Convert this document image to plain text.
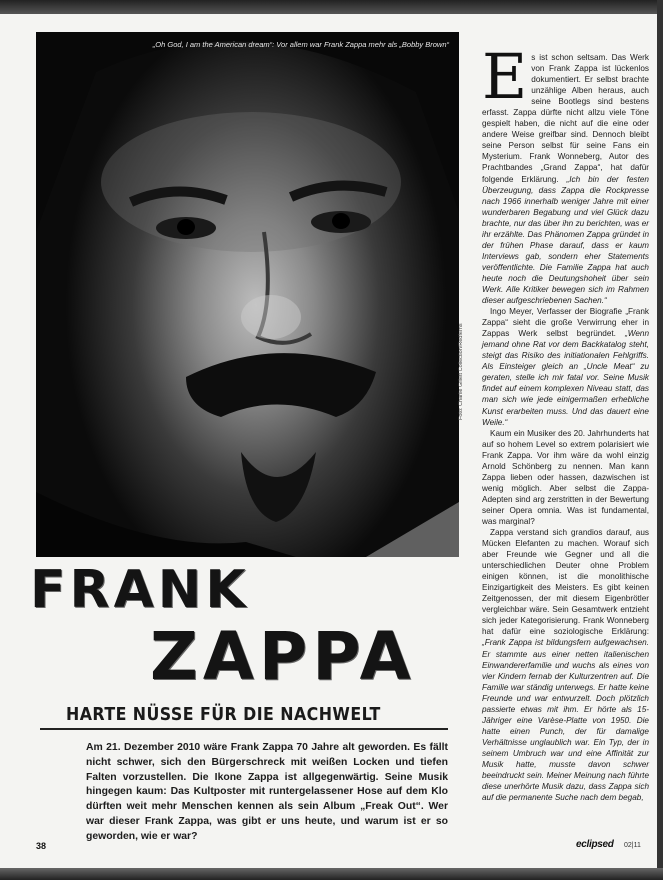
„Oh God, I am the American dream“: Vor allem war Frank Zappa mehr als „Bobby Brown“
Foto: Charlie Gillett Collection/Redferns
FRANK
ZAPPA
HARTE NÜSSE FÜR DIE NACHWELT
Am 21. Dezember 2010 wäre Frank Zappa 70 Jahre alt geworden. Es fällt nicht schwer, sich den Bürgerschreck mit weißen Locken und tiefen Falten vorzustellen. Die Ikone Zappa ist allgegenwärtig. Seine Musik hingegen kaum: Das Kultposter mit runtergelassener Hose auf dem Klo dürften weit mehr Menschen kennen als sein Album „Freak Out“. Wer war dieser Frank Zappa, was gibt er uns heute, und warum ist er so geworden, wie er war?

Es ist schon seltsam. Das Werk von Frank Zappa ist lückenlos dokumentiert. Er selbst brachte unzählige Alben heraus, auch seine Bootlegs sind bestens erfasst. Zappa dürfte nicht allzu viele Töne gespielt haben, die nicht auf die eine oder andere Weise greifbar sind. Dennoch bleibt seine Person selbst für seine Fans ein Mysterium. Frank Wonneberg, Autor des Prachtbandes „Grand Zappa“, hat dafür folgende Erklärung. „Ich bin der festen Überzeugung, dass Zappa die Rockpresse nach 1966 innerhalb weniger Jahre mit einer wunderbaren Begabung und viel Glück dazu brachte, nur das über ihn zu berichten, was er ihr erzählte. Das Phänomen Zappa gründet in der frühen Phase darauf, dass er kaum Interviews gab, sondern eher Statements veröffentlichte. Die Familie Zappa hat auch heute noch die Deutungshoheit über sein Werk. Alle Kritiker bewegen sich im Rahmen dieser aufgeschriebenen Sachen.“

Ingo Meyer, Verfasser der Biografie „Frank Zappa“ sieht die große Verwirrung eher in Zappas Werk selbst begründet. „Wenn jemand ohne Rat vor dem Backkatalog steht, steigt das Risiko des initiationalen Fehlgriffs. Als Einsteiger gleich an „Uncle Meat“ zu geraten, stelle ich mir fatal vor. Seine Musik findet auf einem komplexen Niveau statt, das man sich wie jede einigermaßen erhebliche Kunst erarbeiten muss. Und das dauert eine Weile.“

Kaum ein Musiker des 20. Jahrhunderts hat auf so hohem Level so extrem polarisiert wie Frank Zappa. Vor ihm wäre da wohl einzig Arnold Schönberg zu nennen. Man kann Zappa lieben oder hassen, dazwischen ist wenig möglich. Aber selbst die Zappa-Adepten sind arg zerstritten in der Bewertung seiner Opera omnia. Was ist fundamental, was marginal?

Zappa verstand sich grandios darauf, aus Mücken Elefanten zu machen. Worauf sich aber Freunde wie Gegner und all die unterschiedlichen Deuter ohne Problem einigen können, ist die monolithische Einzigartigkeit des Meisters. Es gibt keinen Zeitgenossen, der mit diesem Eigenbrötler vergleichbar wäre. Sein Gesamtwerk entzieht sich jeder Kategorisierung. Frank Wonneberg hat dafür eine soziologische Erklärung: „Frank Zappa ist bildungsfern aufgewachsen. Er stammte aus einer netten italienischen Einwandererfamilie und wuchs als eines von vier Kindern fernab der Kulturzentren auf. Die Familie war ständig unterwegs. Er hatte keine Freunde und war entwurzelt. Doch plötzlich passierte etwas mit ihm. Er hörte als 15-Jähriger eine Varèse-Platte von 1950. Die hatte einen Punch, der für damalige Verhältnisse unglaublich war. Ein Typ, der in seinem Umbruch war und eine Affinität zur Musik hatte, musste davon schwer beeindruckt sein. Meiner Meinung nach führte diese unerhörte Musik dazu, dass Zappa sich auf die permanente Suche nach dem begab,

38	eclipsed 02|11
